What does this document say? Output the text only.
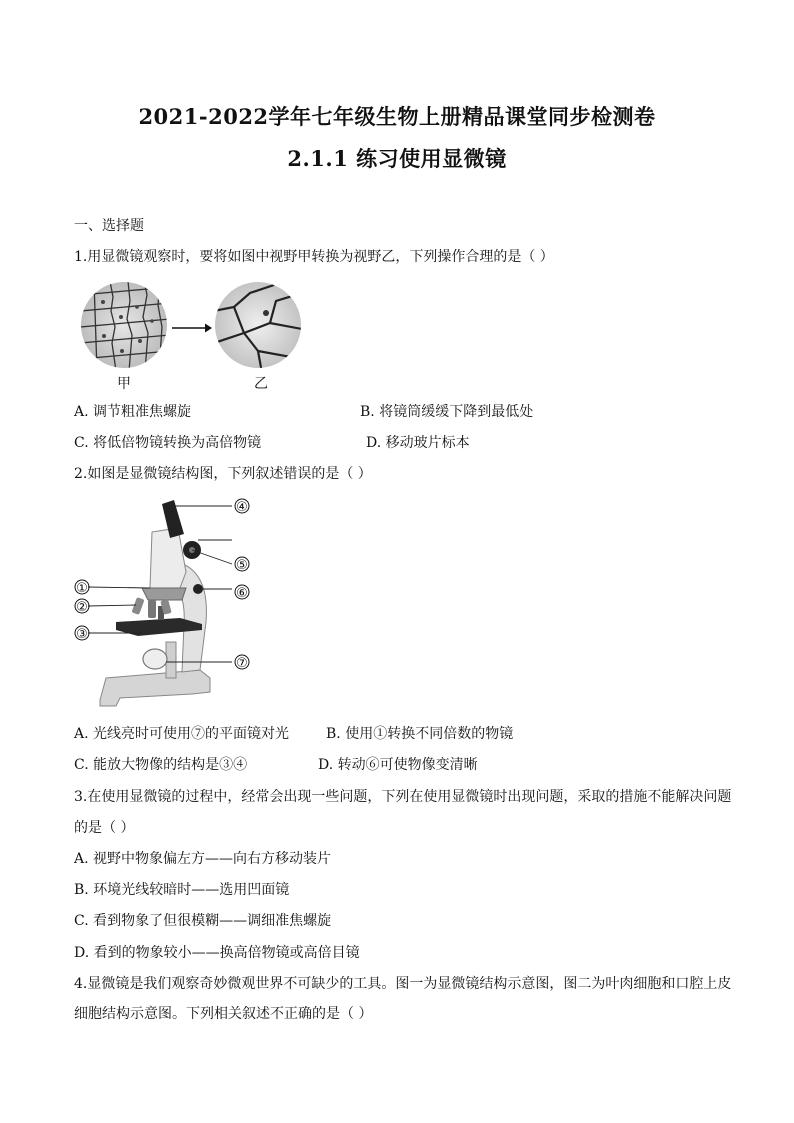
2021-2022学年七年级生物上册精品课堂同步检测卷
2.1.1 练习使用显微镜
一、选择题
1.用显微镜观察时，要将如图中视野甲转换为视野乙，下列操作合理的是（ ）
甲	乙
A. 调节粗准焦螺旋	B. 将镜筒缓缓下降到最低处
C. 将低倍物镜转换为高倍物镜	D. 移动玻片标本
2.如图是显微镜结构图，下列叙述错误的是（ ）
④
⑤
⑥
①
②
③
⑦
A. 光线亮时可使用⑦的平面镜对光	B. 使用①转换不同倍数的物镜
C. 能放大物像的结构是③④	D. 转动⑥可使物像变清晰
3.在使用显微镜的过程中，经常会出现一些问题，下列在使用显微镜时出现问题，采取的措施不能解决问题
的是（ ）
A. 视野中物象偏左方——向右方移动装片
B. 环境光线较暗时——选用凹面镜
C. 看到物象了但很模糊——调细准焦螺旋
D. 看到的物象较小——换高倍物镜或高倍目镜
4.显微镜是我们观察奇妙微观世界不可缺少的工具。图一为显微镜结构示意图，图二为叶肉细胞和口腔上皮
细胞结构示意图。下列相关叙述不正确的是（ ）
